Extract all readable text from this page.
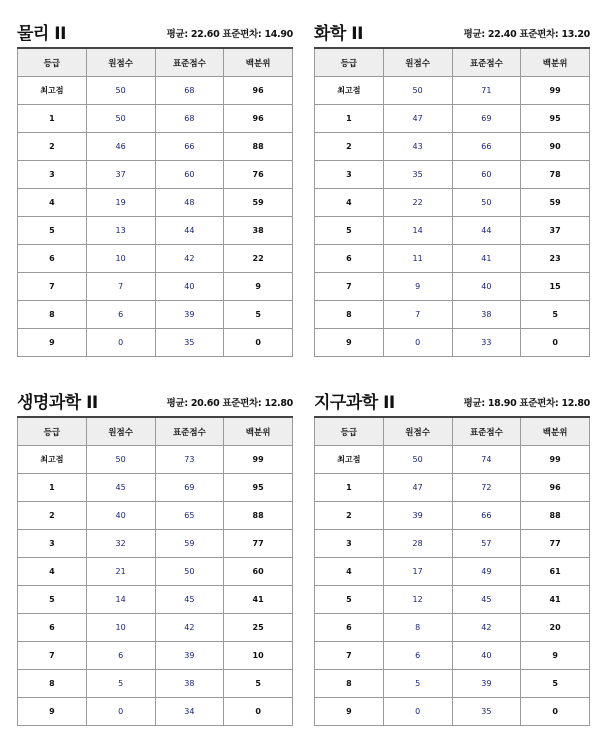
물리 II	평균: 22.60 표준편차: 14.90
등급	원점수	표준점수	백분위
최고점	50	68	96
1	50	68	96
2	46	66	88
3	37	60	76
4	19	48	59
5	13	44	38
6	10	42	22
7	7	40	9
8	6	39	5
9	0	35	0
화학 II	평균: 22.40 표준편차: 13.20
등급	원점수	표준점수	백분위
최고점	50	71	99
1	47	69	95
2	43	66	90
3	35	60	78
4	22	50	59
5	14	44	37
6	11	41	23
7	9	40	15
8	7	38	5
9	0	33	0
생명과학 II	평균: 20.60 표준편차: 12.80
등급	원점수	표준점수	백분위
최고점	50	73	99
1	45	69	95
2	40	65	88
3	32	59	77
4	21	50	60
5	14	45	41
6	10	42	25
7	6	39	10
8	5	38	5
9	0	34	0
지구과학 II	평균: 18.90 표준편차: 12.80
등급	원점수	표준점수	백분위
최고점	50	74	99
1	47	72	96
2	39	66	88
3	28	57	77
4	17	49	61
5	12	45	41
6	8	42	20
7	6	40	9
8	5	39	5
9	0	35	0
